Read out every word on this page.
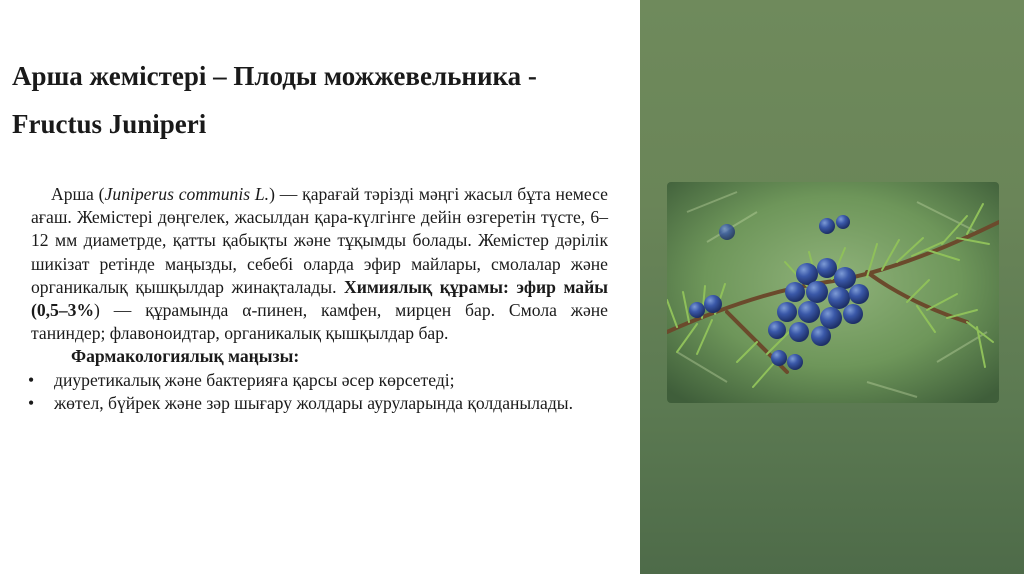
Арша жемістері – Плоды можжевельника -
Fructus Juniperi

Арша (Juniperus communis L.) — қарағай тәрізді мәңгі жасыл бұта немесе ағаш. Жемістері дөңгелек, жасылдан қара-күлгінге дейін өзгеретін түсте, 6–12 мм диаметрде, қатты қабықты және тұқымды болады. Жемістер дәрілік шикізат ретінде маңызды, себебі оларда эфир майлары, смолалар және органикалық қышқылдар жинақталады. Химиялық құрамы: эфир майы (0,5–3%) — құрамында α-пинен, камфен, мирцен бар. Смола және таниндер; флавоноидтар, органикалық қышқылдар бар.

Фармакологиялық маңызы:

• диуретикалық және бактерияға қарсы әсер көрсетеді;
• жөтел, бүйрек және зәр шығару жолдары ауруларында қолданылады.
